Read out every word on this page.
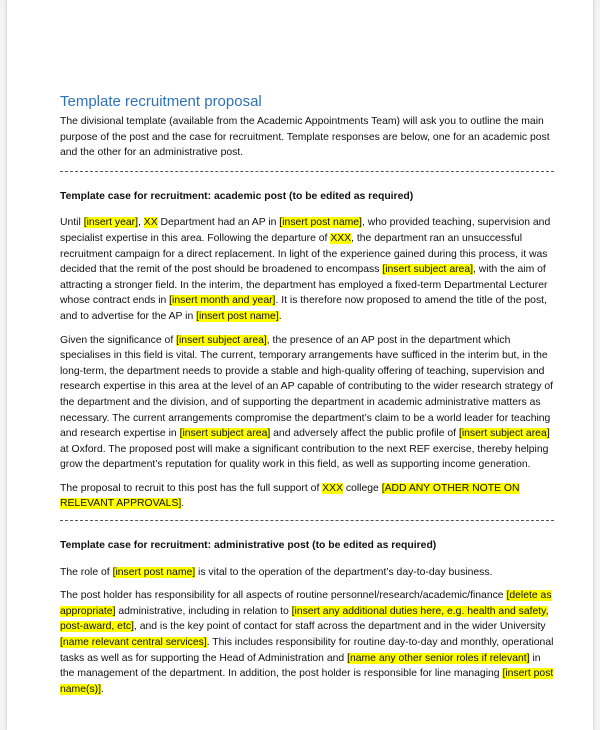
Template recruitment proposal

The divisional template (available from the Academic Appointments Team) will ask you to outline the main purpose of the post and the case for recruitment. Template responses are below, one for an academic post and the other for an administrative post.

Template case for recruitment: academic post (to be edited as required)

Until [insert year], XX Department had an AP in [insert post name], who provided teaching, supervision and specialist expertise in this area. Following the departure of XXX, the department ran an unsuccessful recruitment campaign for a direct replacement. In light of the experience gained during this process, it was decided that the remit of the post should be broadened to encompass [insert subject area], with the aim of attracting a stronger field. In the interim, the department has employed a fixed-term Departmental Lecturer whose contract ends in [insert month and year]. It is therefore now proposed to amend the title of the post, and to advertise for the AP in [insert post name].

Given the significance of [insert subject area], the presence of an AP post in the department which specialises in this field is vital. The current, temporary arrangements have sufficed in the interim but, in the long-term, the department needs to provide a stable and high-quality offering of teaching, supervision and research expertise in this area at the level of an AP capable of contributing to the wider research strategy of the department and the division, and of supporting the department in academic administrative matters as necessary. The current arrangements compromise the department’s claim to be a world leader for teaching and research expertise in [insert subject area] and adversely affect the public profile of [insert subject area] at Oxford. The proposed post will make a significant contribution to the next REF exercise, thereby helping grow the department’s reputation for quality work in this field, as well as supporting income generation.

The proposal to recruit to this post has the full support of XXX college [ADD ANY OTHER NOTE ON RELEVANT APPROVALS].

Template case for recruitment: administrative post (to be edited as required)

The role of [insert post name] is vital to the operation of the department’s day-to-day business.

The post holder has responsibility for all aspects of routine personnel/research/academic/finance [delete as appropriate] administrative, including in relation to [insert any additional duties here, e.g. health and safety, post-award, etc], and is the key point of contact for staff across the department and in the wider University [name relevant central services]. This includes responsibility for routine day-to-day and monthly, operational tasks as well as for supporting the Head of Administration and [name any other senior roles if relevant] in the management of the department. In addition, the post holder is responsible for line managing [insert post name(s)].
